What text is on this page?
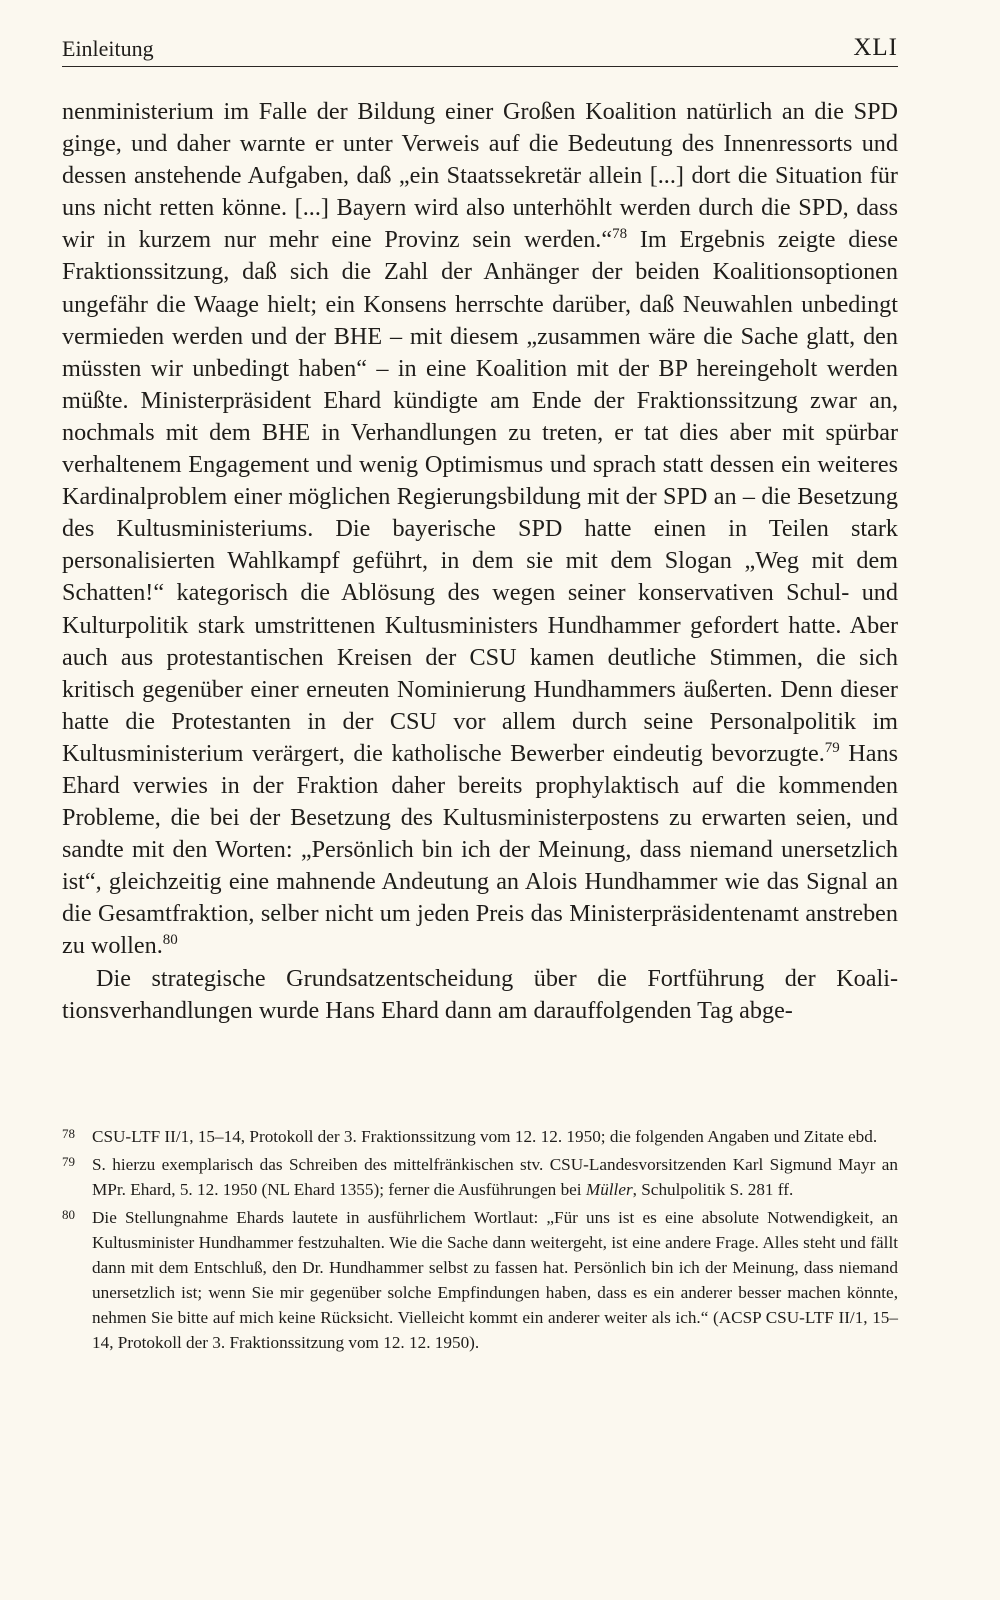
Einleitung	XLI

nenministerium im Falle der Bildung einer Großen Koalition natürlich an die SPD ginge, und daher warnte er unter Verweis auf die Bedeutung des Innenressorts und dessen anstehende Aufgaben, daß „ein Staatssekretär allein [...] dort die Situation für uns nicht retten könne. [...] Bayern wird also unterhöhlt werden durch die SPD, dass wir in kurzem nur mehr eine Provinz sein werden.“$^{78}$ Im Ergebnis zeigte diese Fraktionssitzung, daß sich die Zahl der Anhänger der beiden Koalitionsoptionen ungefähr die Waage hielt; ein Konsens herrschte darüber, daß Neuwahlen unbedingt vermieden werden und der BHE – mit diesem „zusammen wäre die Sache glatt, den müssten wir unbedingt haben“ – in eine Koalition mit der BP hereingeholt werden müßte. Ministerpräsident Ehard kündigte am Ende der Fraktionssitzung zwar an, nochmals mit dem BHE in Verhandlungen zu treten, er tat dies aber mit spürbar verhaltenem Engagement und wenig Optimismus und sprach statt dessen ein weiteres Kardinalproblem einer möglichen Regierungsbildung mit der SPD an – die Besetzung des Kultusministeriums. Die bayerische SPD hatte einen in Teilen stark personalisierten Wahlkampf geführt, in dem sie mit dem Slogan „Weg mit dem Schatten!“ kategorisch die Ablösung des wegen seiner konservativen Schul- und Kulturpolitik stark umstrittenen Kultusministers Hundhammer gefordert hatte. Aber auch aus protestantischen Kreisen der CSU kamen deutliche Stimmen, die sich kritisch gegenüber einer erneuten Nominierung Hundhammers äußerten. Denn dieser hatte die Protestanten in der CSU vor allem durch seine Personalpolitik im Kultusministerium verärgert, die katholische Bewerber eindeutig bevorzugte.$^{79}$ Hans Ehard verwies in der Fraktion daher bereits prophylaktisch auf die kommenden Probleme, die bei der Besetzung des Kultusministerpostens zu erwarten seien, und sandte mit den Worten: „Persönlich bin ich der Meinung, dass niemand unersetzlich ist“, gleichzeitig eine mahnende Andeutung an Alois Hundhammer wie das Signal an die Gesamtfraktion, selber nicht um jeden Preis das Ministerpräsidentenamt anstreben zu wollen.$^{80}$

Die strategische Grundsatzentscheidung über die Fortführung der Koalitionsverhandlungen wurde Hans Ehard dann am darauffolgenden Tag abge-

78 CSU-LTF II/1, 15–14, Protokoll der 3. Fraktionssitzung vom 12. 12. 1950; die folgenden Angaben und Zitate ebd.
79 S. hierzu exemplarisch das Schreiben des mittelfränkischen stv. CSU-Landesvorsitzenden Karl Sigmund Mayr an MPr. Ehard, 5. 12. 1950 (NL Ehard 1355); ferner die Ausführungen bei Müller, Schulpolitik S. 281 ff.
80 Die Stellungnahme Ehards lautete in ausführlichem Wortlaut: „Für uns ist es eine absolute Notwendigkeit, an Kultusminister Hundhammer festzuhalten. Wie die Sache dann weitergeht, ist eine andere Frage. Alles steht und fällt dann mit dem Entschluß, den Dr. Hundhammer selbst zu fassen hat. Persönlich bin ich der Meinung, dass niemand unersetzlich ist; wenn Sie mir gegenüber solche Empfindungen haben, dass es ein anderer besser machen könnte, nehmen Sie bitte auf mich keine Rücksicht. Vielleicht kommt ein anderer weiter als ich.“ (ACSP CSU-LTF II/1, 15–14, Protokoll der 3. Fraktionssitzung vom 12. 12. 1950).
